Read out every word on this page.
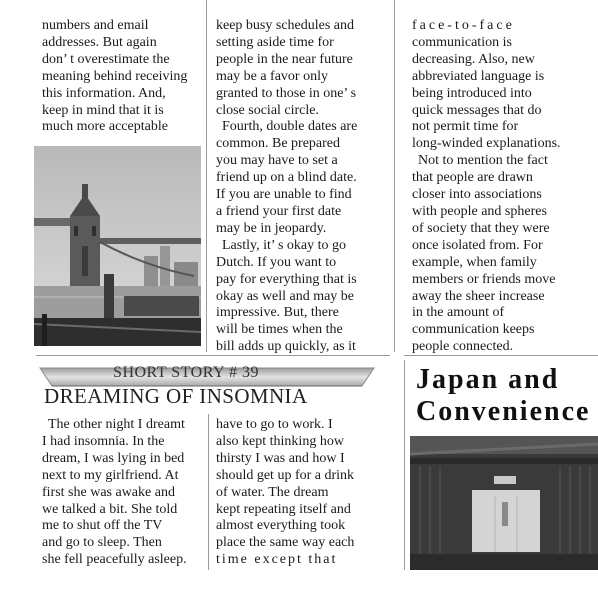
numbers and email

addresses. But again

don’ t overestimate the

meaning behind receiving

this information. And,

keep in mind that it is

much more acceptable

keep busy schedules and

setting aside time for

people in the near future

may be a favor only

granted to those in one’ s

close social circle.

Fourth, double dates are

common. Be prepared

you may have to set a

friend up on a blind date.

If you are unable to find

a friend your first date

may be in jeopardy.

Lastly, it’ s okay to go

Dutch. If you want to

pay for everything that is

okay as well and may be

impressive. But, there

will be times when the

bill adds up quickly, as it

face-to-face

communication is

decreasing. Also, new

abbreviated language is

being introduced into

quick messages that do

not permit time for

long-winded explanations.

Not to mention the fact

that people are drawn

closer into associations

with people and spheres

of society that they were

once isolated from. For

example, when family

members or friends move

away the sheer increase

in the amount of

communication keeps

people connected.

SHORT STORY # 39
DREAMING OF INSOMNIA

The other night I dreamt

I had insomnia. In the

dream, I was lying in bed

next to my girlfriend. At

first she was awake and

we talked a bit. She told

me to shut off the TV

and go to sleep. Then

she fell peacefully asleep.

have to go to work. I

also kept thinking how

thirsty I was and how I

should get up for a drink

of water. The dream

kept repeating itself and

almost everything took

place the same way each

time except that

Japan and
Convenience
